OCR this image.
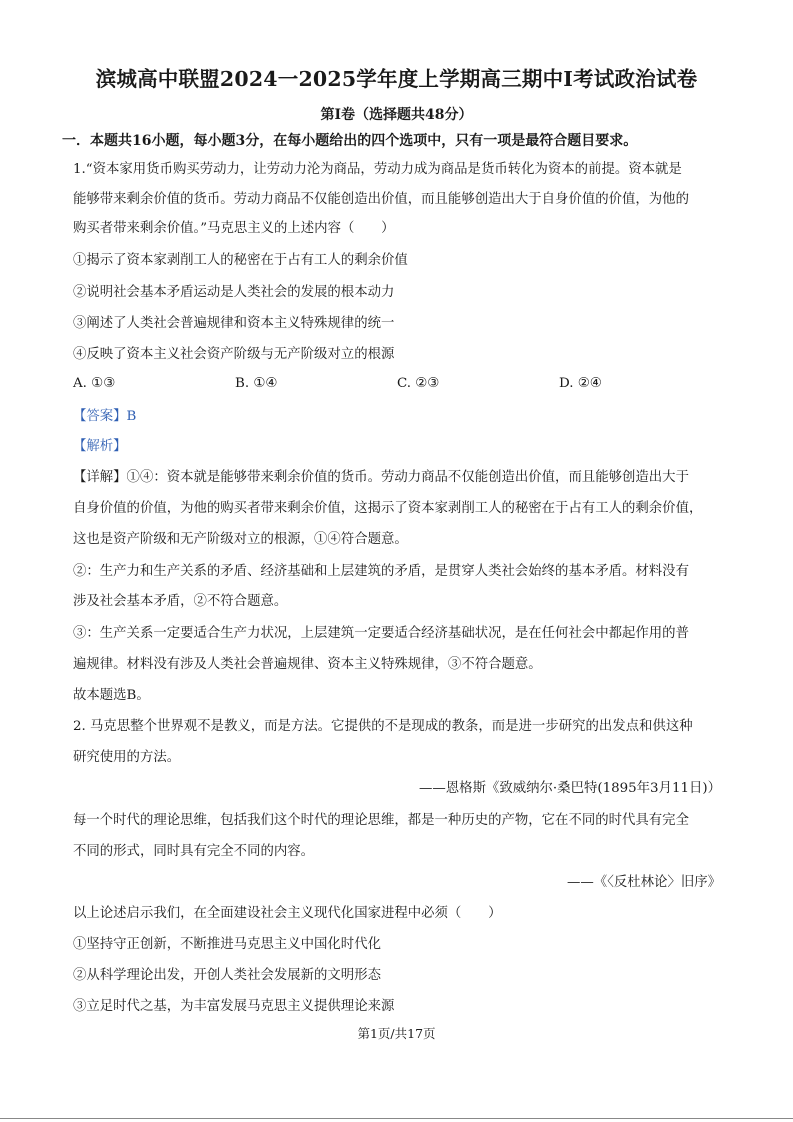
滨城高中联盟2024一2025学年度上学期高三期中Ⅰ考试政治试卷
第Ⅰ卷（选择题共48分）
一．本题共16小题，每小题3分，在每小题给出的四个选项中，只有一项是最符合题目要求。
1.“资本家用货币购买劳动力，让劳动力沦为商品，劳动力成为商品是货币转化为资本的前提。资本就是
能够带来剩余价值的货币。劳动力商品不仅能创造出价值，而且能够创造出大于自身价值的价值，为他的
购买者带来剩余价值。”马克思主义的上述内容（　　）
①揭示了资本家剥削工人的秘密在于占有工人的剩余价值
②说明社会基本矛盾运动是人类社会的发展的根本动力
③阐述了人类社会普遍规律和资本主义特殊规律的统一
④反映了资本主义社会资产阶级与无产阶级对立的根源
A. ①③	B. ①④	C. ②③	D. ②④
【答案】B
【解析】
【详解】①④：资本就是能够带来剩余价值的货币。劳动力商品不仅能创造出价值，而且能够创造出大于
自身价值的价值，为他的购买者带来剩余价值，这揭示了资本家剥削工人的秘密在于占有工人的剩余价值，
这也是资产阶级和无产阶级对立的根源，①④符合题意。
②：生产力和生产关系的矛盾、经济基础和上层建筑的矛盾，是贯穿人类社会始终的基本矛盾。材料没有
涉及社会基本矛盾，②不符合题意。
③：生产关系一定要适合生产力状况，上层建筑一定要适合经济基础状况，是在任何社会中都起作用的普
遍规律。材料没有涉及人类社会普遍规律、资本主义特殊规律，③不符合题意。
故本题选B。
2. 马克思整个世界观不是教义，而是方法。它提供的不是现成的教条，而是进一步研究的出发点和供这种
研究使用的方法。
——恩格斯《致威纳尔·桑巴特(1895年3月11日)）
每一个时代的理论思维，包括我们这个时代的理论思维，都是一种历史的产物，它在不同的时代具有完全
不同的形式，同时具有完全不同的内容。
——《〈反杜林论〉旧序》
以上论述启示我们，在全面建设社会主义现代化国家进程中必须（　　）
①坚持守正创新，不断推进马克思主义中国化时代化
②从科学理论出发，开创人类社会发展新的文明形态
③立足时代之基，为丰富发展马克思主义提供理论来源
第1页/共17页
